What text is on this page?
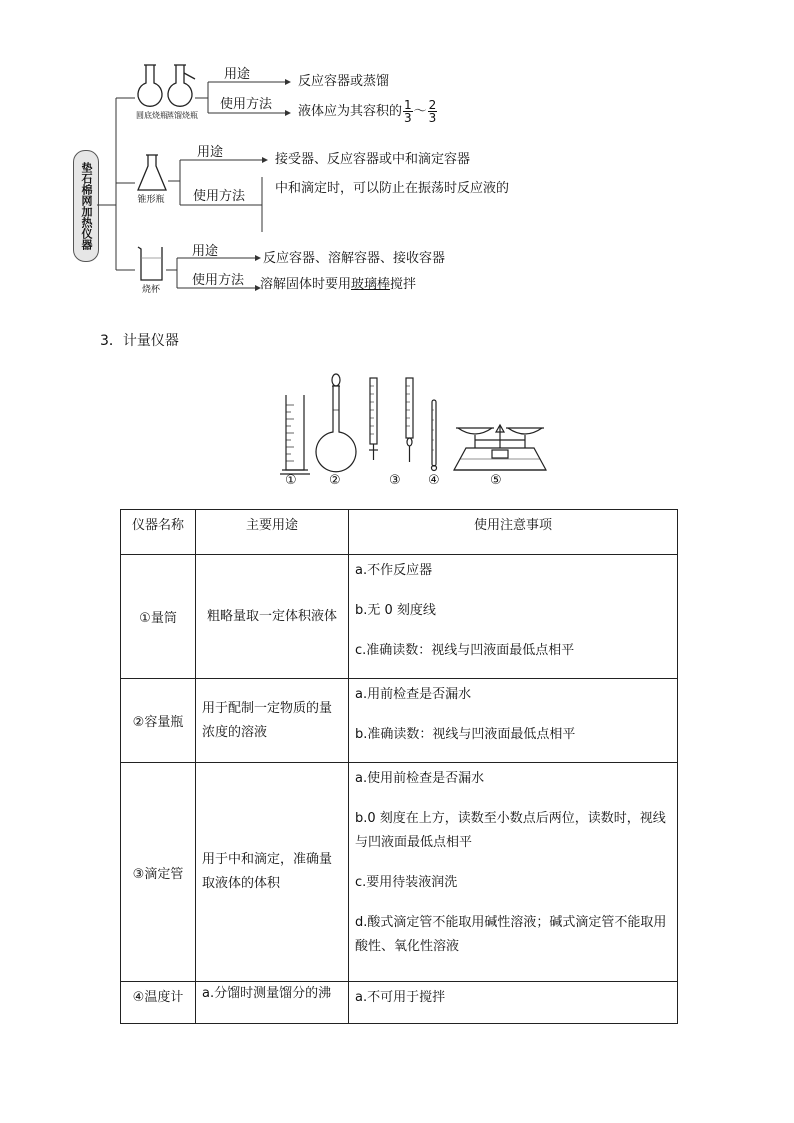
垫石棉网加热仪器
圆底烧瓶
蒸馏烧瓶
锥形瓶
烧杯
用途
使用方法
用途
使用方法
用途
使用方法
反应容器或蒸馏
液体应为其容积的 $\frac{1}{3}$ ～ $\frac{2}{3}$
接受器、反应容器或中和滴定容器
中和滴定时，可以防止在振荡时反应液的
反应容器、溶解容器、接收容器
溶解固体时要用玻璃棒搅拌
3．计量仪器
① ②	③ ④	⑤
仪器名称	主要用途	使用注意事项
①量筒	粗略量取一定体积液体	a.不作反应器
b.无 0 刻度线
c.准确读数：视线与凹液面最低点相平

②容量瓶	用于配制一定物质的量浓度的溶液	a.用前检查是否漏水
b.准确读数：视线与凹液面最低点相平

③滴定管	用于中和滴定，准确量取液体的体积	a.使用前检查是否漏水
b.0 刻度在上方，读数至小数点后两位，读数时，视线与凹液面最低点相平
c.要用待装液润洗
d.酸式滴定管不能取用碱性溶液；碱式滴定管不能取用酸性、氧化性溶液

④温度计	a.分馏时测量馏分的沸	a.不可用于搅拌
